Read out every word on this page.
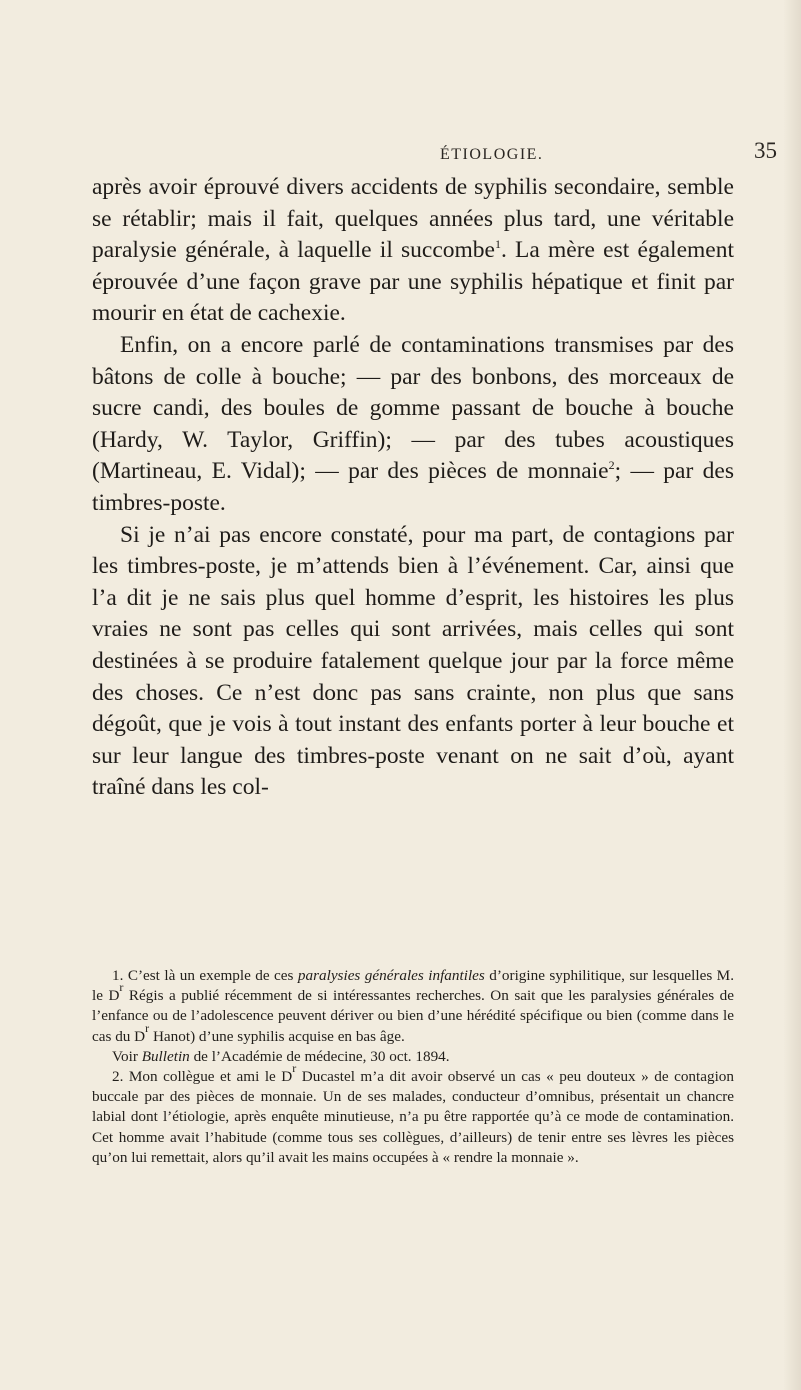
ÉTIOLOGIE.	35

après avoir éprouvé divers accidents de syphilis secondaire, semble se rétablir; mais il fait, quelques années plus tard, une véritable paralysie générale, à laquelle il succombe$^1$. La mère est également éprouvée d’une façon grave par une syphilis hépatique et finit par mourir en état de cachexie.

Enfin, on a encore parlé de contaminations transmises par des bâtons de colle à bouche; — par des bonbons, des morceaux de sucre candi, des boules de gomme passant de bouche à bouche (Hardy, W. Taylor, Griffin); — par des tubes acoustiques (Martineau, E. Vidal); — par des pièces de monnaie$^2$; — par des timbres-poste.

Si je n’ai pas encore constaté, pour ma part, de contagions par les timbres-poste, je m’attends bien à l’événement. Car, ainsi que l’a dit je ne sais plus quel homme d’esprit, les histoires les plus vraies ne sont pas celles qui sont arrivées, mais celles qui sont destinées à se produire fatalement quelque jour par la force même des choses. Ce n’est donc pas sans crainte, non plus que sans dégoût, que je vois à tout instant des enfants porter à leur bouche et sur leur langue des timbres-poste venant on ne sait d’où, ayant traîné dans les col-

1. C’est là un exemple de ces paralysies générales infantiles d’origine syphilitique, sur lesquelles M. le $D^r$ Régis a publié récemment de si intéressantes recherches. On sait que les paralysies générales de l’enfance ou de l’adolescence peuvent dériver ou bien d’une hérédité spécifique ou bien (comme dans le cas du $D^r$ Hanot) d’une syphilis acquise en bas âge.

Voir Bulletin de l’Académie de médecine, 30 oct. 1894.

2. Mon collègue et ami le $D^r$ Ducastel m’a dit avoir observé un cas « peu douteux » de contagion buccale par des pièces de monnaie. Un de ses malades, conducteur d’omnibus, présentait un chancre labial dont l’étiologie, après enquête minutieuse, n’a pu être rapportée qu’à ce mode de contamination. Cet homme avait l’habitude (comme tous ses collègues, d’ailleurs) de tenir entre ses lèvres les pièces qu’on lui remettait, alors qu’il avait les mains occupées à « rendre la monnaie ».
